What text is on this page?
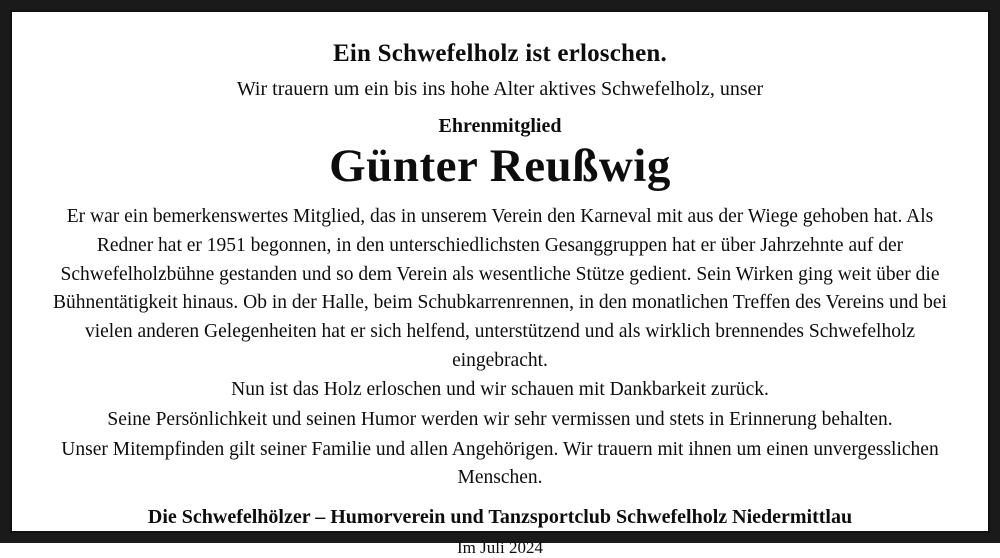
Ein Schwefelholz ist erloschen.
Wir trauern um ein bis ins hohe Alter aktives Schwefelholz, unser
Ehrenmitglied
Günter Reußwig

Er war ein bemerkenswertes Mitglied, das in unserem Verein den Karneval mit aus der Wiege gehoben hat. Als Redner hat er 1951 begonnen, in den unterschiedlichsten Gesanggruppen hat er über Jahrzehnte auf der Schwefelholzbühne gestanden und so dem Verein als wesentliche Stütze gedient. Sein Wirken ging weit über die Bühnentätigkeit hinaus. Ob in der Halle, beim Schubkarrenrennen, in den monatlichen Treffen des Vereins und bei vielen anderen Gelegenheiten hat er sich helfend, unterstützend und als wirklich brennendes Schwefelholz eingebracht.

Nun ist das Holz erloschen und wir schauen mit Dankbarkeit zurück.

Seine Persönlichkeit und seinen Humor werden wir sehr vermissen und stets in Erinnerung behalten.

Unser Mitempfinden gilt seiner Familie und allen Angehörigen. Wir trauern mit ihnen um einen unvergesslichen Menschen.

Die Schwefelhölzer – Humorverein und Tanzsportclub Schwefelholz Niedermittlau
Im Juli 2024
